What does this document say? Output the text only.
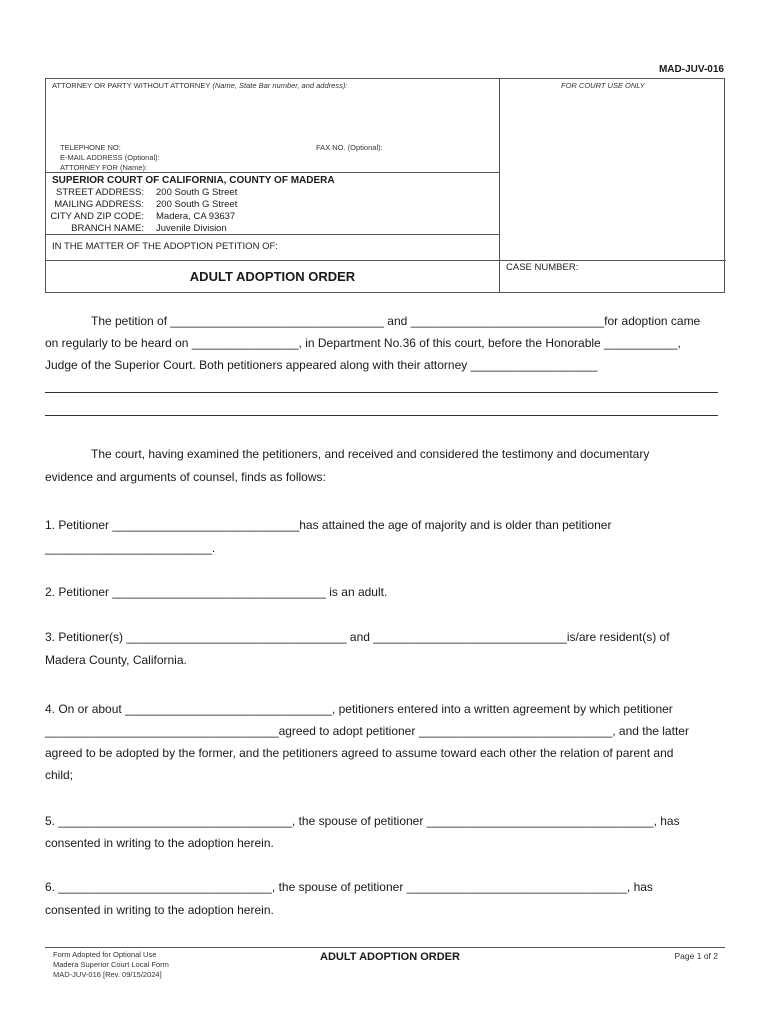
MAD-JUV-016
ATTORNEY OR PARTY WITHOUT ATTORNEY (Name, State Bar number, and address):	FOR COURT USE ONLY
TELEPHONE NO:	FAX NO. (Optional):
E-MAIL ADDRESS (Optional):
ATTORNEY FOR (Name):
SUPERIOR COURT OF CALIFORNIA, COUNTY OF MADERA
STREET ADDRESS: 200 South G Street
MAILING ADDRESS: 200 South G Street
CITY AND ZIP CODE: Madera, CA 93637
BRANCH NAME: Juvenile Division
IN THE MATTER OF THE ADOPTION PETITION OF:
ADULT ADOPTION ORDER
CASE NUMBER:
The petition of ________________________________ and _____________________________for adoption came
on regularly to be heard on ________________, in Department No.36 of this court, before the Honorable ___________,
Judge of the Superior Court. Both petitioners appeared along with their attorney ___________________
The court, having examined the petitioners, and received and considered the testimony and documentary
evidence and arguments of counsel, finds as follows:
1. Petitioner ____________________________has attained the age of majority and is older than petitioner
_________________________.
2. Petitioner ________________________________ is an adult.
3. Petitioner(s) _________________________________ and _____________________________is/are resident(s) of
Madera County, California.
4. On or about _______________________________, petitioners entered into a written agreement by which petitioner
___________________________________agreed to adopt petitioner _____________________________, and the latter
agreed to be adopted by the former, and the petitioners agreed to assume toward each other the relation of parent and
child;
5. ___________________________________, the spouse of petitioner __________________________________, has
consented in writing to the adoption herein.
6. ________________________________, the spouse of petitioner _________________________________, has
consented in writing to the adoption herein.
Form Adopted for Optional Use
Madera Superior Court Local Form
MAD-JUV-016 [Rev. 09/15/2024]
ADULT ADOPTION ORDER	Page 1 of 2
